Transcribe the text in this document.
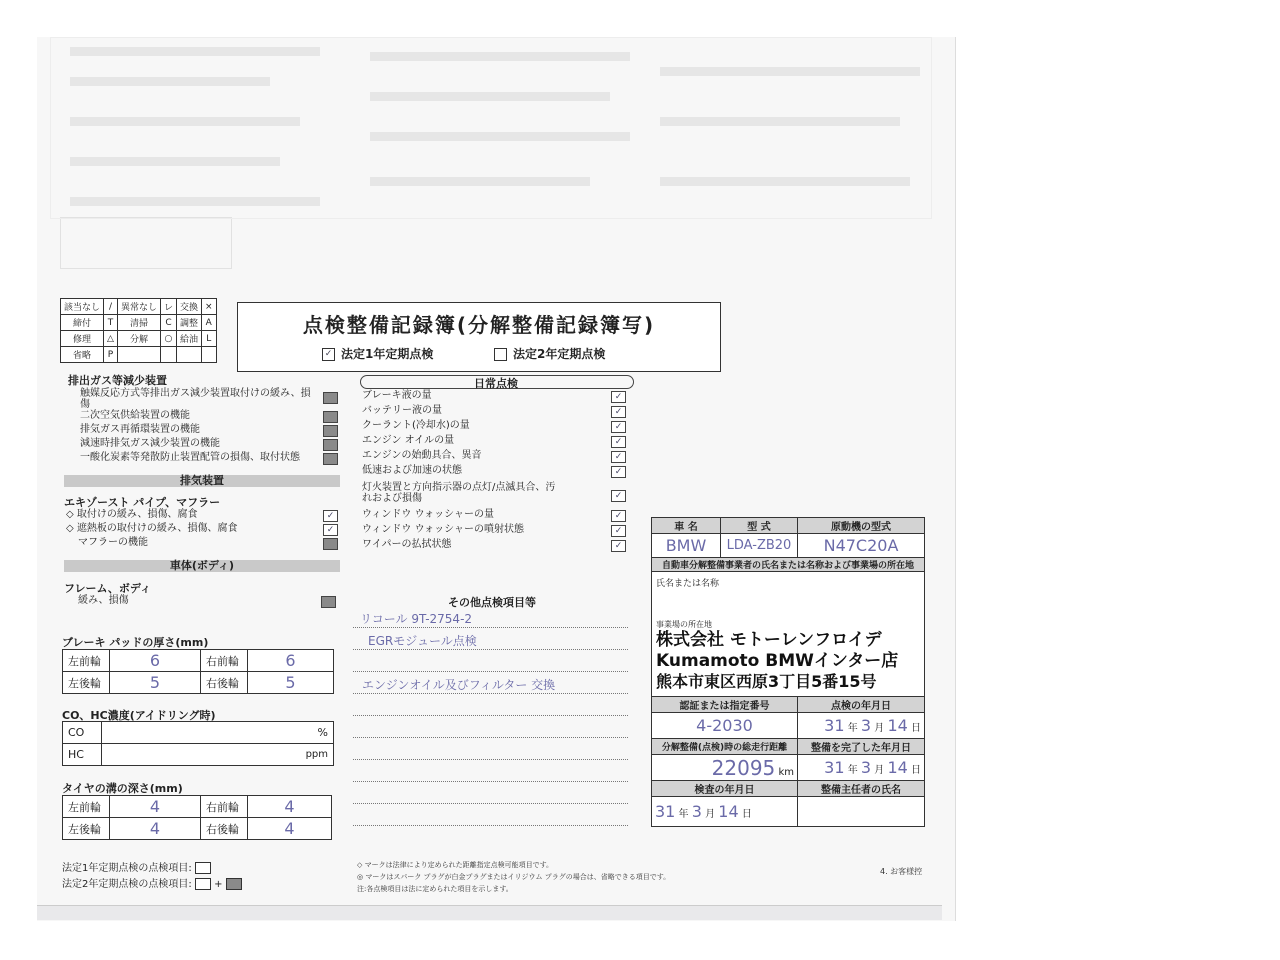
該当なし	/	異常なし	レ	交換	×
締付	T	清掃	C	調整	A
修理	△	分解	○	給油	L
省略	P				
点検整備記録簿(分解整備記録簿写)
✓ 法定1年定期点検	法定2年定期点検
排出ガス等減少装置
触媒反応方式等排出ガス減少装置取付けの緩み、損傷
二次空気供給装置の機能
排気ガス再循環装置の機能
減速時排気ガス減少装置の機能
一酸化炭素等発散防止装置配管の損傷、取付状態
排気装置
エキゾースト パイプ、マフラー
◇ 取付けの緩み、損傷、腐食	✓
◇ 遮熱板の取付けの緩み、損傷、腐食	✓
マフラーの機能
車体(ボディ)
フレーム、ボディ
緩み、損傷
ブレーキ パッドの厚さ(mm)
左前輪	6	右前輪	6
左後輪	5	右後輪	5
CO、HC濃度(アイドリング時)
CO	%
HC	ppm
タイヤの溝の深さ(mm)
左前輪	4	右前輪	4
左後輪	4	右後輪	4
日常点検
ブレーキ液の量	✓
バッテリー液の量	✓
クーラント(冷却水)の量	✓
エンジン オイルの量	✓
エンジンの始動具合、異音	✓
低速および加速の状態	✓
灯火装置と方向指示器の点灯/点滅具合、汚れおよび損傷	✓
ウィンドウ ウォッシャーの量	✓
ウィンドウ ウォッシャーの噴射状態	✓
ワイパーの払拭状態	✓
その他点検項目等
リコール 9T-2754-2
EGRモジュール点検
エンジンオイル及びフィルター 交換
車 名	型 式	原動機の型式
BMW	LDA-ZB20	N47C20A
自動車分解整備事業者の氏名または名称および事業場の所在地		

氏名または名称
事業場の所在地
株式会社 モトーレンフロイデ
Kumamoto BMWインター店
熊本市東区西原3丁目5番15号		

認証または指定番号		点検の年月日
4-2030		31 年 3 月 14 日
分解整備(点検)時の総走行距離		整備を完了した年月日
22095 km		31 年 3 月 14 日
検査の年月日		整備主任者の氏名
31 年 3 月 14 日		
法定1年定期点検の点検項目:
法定2年定期点検の点検項目: +
◇ マークは法律により定められた距離指定点検可能項目です。
◎ マークはスパーク プラグが白金プラグまたはイリジウム プラグの場合は、省略できる項目です。
注:各点検項目は法に定められた項目を示します。
4. お客様控
